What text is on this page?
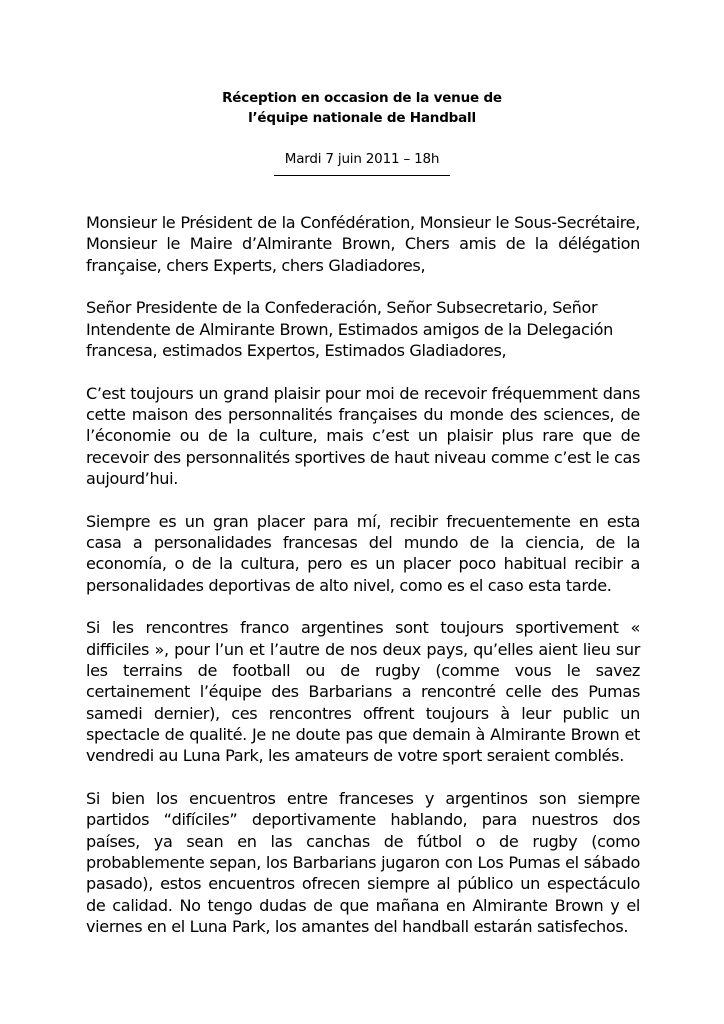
Réception en occasion de la venue de
l’équipe nationale de Handball
Mardi 7 juin 2011 – 18h

Monsieur le Président de la Confédération, Monsieur le Sous-Secrétaire, Monsieur le Maire d’Almirante Brown, Chers amis de la délégation française, chers Experts, chers Gladiadores,

Señor Presidente de la Confederación, Señor Subsecretario, Señor Intendente de Almirante Brown, Estimados amigos de la Delegación francesa, estimados Expertos, Estimados Gladiadores,

C’est toujours un grand plaisir pour moi de recevoir fréquemment dans cette maison des personnalités françaises du monde des sciences, de l’économie ou de la culture, mais c’est un plaisir plus rare que de recevoir des personnalités sportives de haut niveau comme c’est le cas aujourd’hui.

Siempre es un gran placer para mí, recibir frecuentemente en esta casa a personalidades francesas del mundo de la ciencia, de la economía, o de la cultura, pero es un placer poco habitual recibir a personalidades deportivas de alto nivel, como es el caso esta tarde.

Si les rencontres franco argentines sont toujours sportivement « difficiles », pour l’un et l’autre de nos deux pays, qu’elles aient lieu sur les terrains de football ou de rugby (comme vous le savez certainement l’équipe des Barbarians a rencontré celle des Pumas samedi dernier), ces rencontres offrent toujours à leur public un spectacle de qualité. Je ne doute pas que demain à Almirante Brown et vendredi au Luna Park, les amateurs de votre sport seraient comblés.

Si bien los encuentros entre franceses y argentinos son siempre partidos “difíciles” deportivamente hablando, para nuestros dos países, ya sean en las canchas de fútbol o de rugby (como probablemente sepan, los Barbarians jugaron con Los Pumas el sábado pasado), estos encuentros ofrecen siempre al público un espectáculo de calidad. No tengo dudas de que mañana en Almirante Brown y el viernes en el Luna Park, los amantes del handball estarán satisfechos.
